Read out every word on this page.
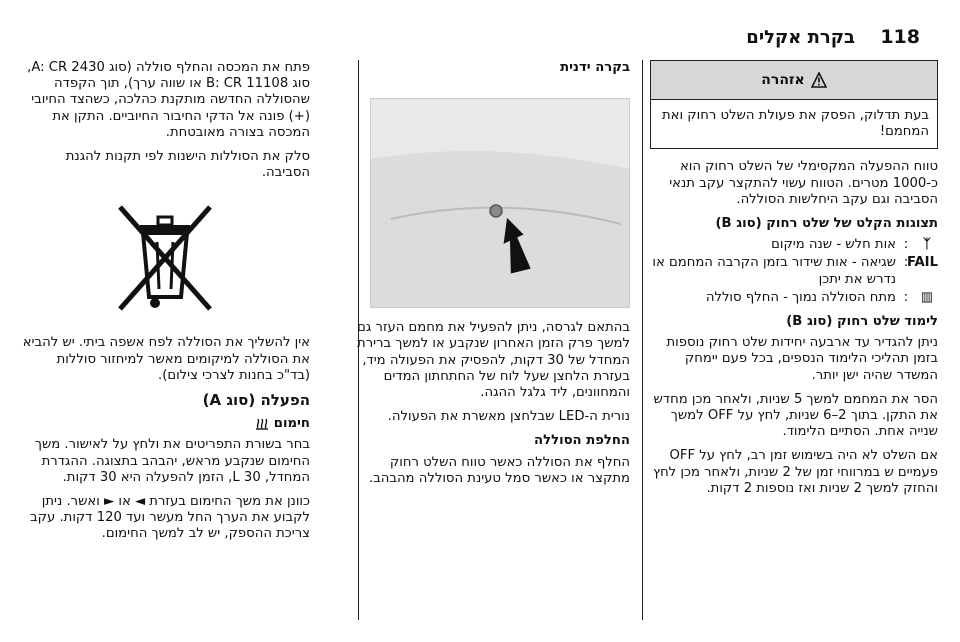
118
בקרת אקלים
אזהרה
בעת תדלוק, הפסק את פעולת השלט רחוק ואת המחמם!

טווח ההפעלה המקסימלי של השלט רחוק הוא כ-1000 מטרים. הטווח עשוי להתקצר עקב תנאי הסביבה וגם עקב היחלשות הסוללה.

תצוגות הקלט של שלט רחוק (סוג B)
ᛉ
:
אות חלש - שנה מיקום
FAIL
:
שגיאה - אות שידור בזמן הקרבה המחמם או נדרש את יתכן
▥
:
מתח הסוללה נמוך - החלף סוללה
לימוד שלט רחוק (סוג B)

ניתן להגדיר עד ארבעה יחידות שלט רחוק נוספות בזמן תהליכי הלימוד הנספים, בכל פעם יימחק המשדר שהיה ישן יותר.

הסר את המחמם למשך 5 שניות, ולאחר מכן מחדש את התקן. בתוך 2–6 שניות, לחץ על OFF למשך שנייה אחת. הסתיים הלימוד.

אם השלט לא היה בשימוש זמן רב, לחץ על OFF פעמיים ש במרווחי זמן של 2 שניות, ולאחר מכן לחץ והחזק למשך 2 שניות ואז נוספות 2 דקות.

בקרה ידנית

בהתאם לגרסה, ניתן להפעיל את מחמם העזר גם למשך פרק הזמן האחרון שנקבע או למשך ברירת המחדל של 30 דקות, להפסיק את הפעולה מיד, בעזרת הלחצן שעל לוח של החתחתון המדים והמחוונים, ליד גלגל ההגה.

נורית ה-LED שבלחצן מאשרת את הפעולה.

החלפת הסוללה

החלף את הסוללה כאשר טווח השלט רחוק מתקצר או כאשר סמל טעינת הסוללה מהבהב.

פתח את המכסה והחלף סוללה (סוג A: CR 2430, סוג B: CR 11108 או שווה ערך), תוך הקפדה שהסוללה החדשה מותקנת כהלכה, כשהצד החיובי (+) פונה אל הדקי החיבור החיוביים. התקן את המכסה בצורה מאובטחת.

סלק את הסוללות הישנות לפי תקנות להגנת הסביבה.

אין להשליך את הסוללה לפח אשפה ביתי. יש להביא את הסוללה למיקומים מאשר למיחזור סוללות (בד"כ בחנות לצרכי צילום).

הפעלה (סוג A)
חימום

בחר בשורת התפריטים את ולחץ על לאישור. משך החימום שנקבע מראש, יהבהב בתצוגה. ההגדרת המחדל, L 30, הזמן להפעלה היא 30 דקות.

כוונן את משך החימום בעזרת ◄ או ► ואשר. ניתן לקבוע את הערך החל מעשר ועד 120 דקות. עקב צריכת ההספק, יש לב למשך החימום.
